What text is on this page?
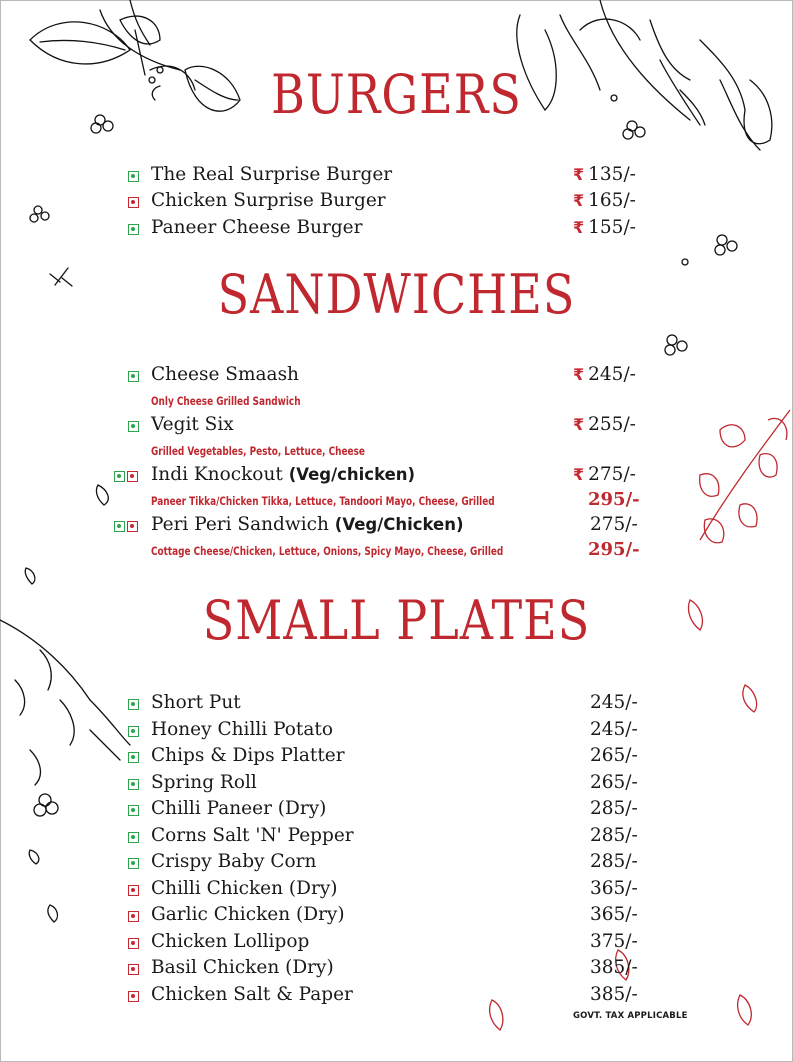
BURGERS
The Real Surprise Burger	₹ 135/-
Chicken Surprise Burger	₹ 165/-
Paneer Cheese Burger	₹ 155/-
SANDWICHES
Cheese Smaash	₹ 245/-
Only Cheese Grilled Sandwich
Vegit Six	₹ 255/-
Grilled Vegetables, Pesto, Lettuce, Cheese
Indi Knockout (Veg/chicken)	₹ 275/-
Paneer Tikka/Chicken Tikka, Lettuce, Tandoori Mayo, Cheese, Grilled	295/-
Peri Peri Sandwich (Veg/Chicken)	275/-
Cottage Cheese/Chicken, Lettuce, Onions, Spicy Mayo, Cheese, Grilled	295/-
SMALL PLATES
Short Put	245/-
Honey Chilli Potato	245/-
Chips & Dips Platter	265/-
Spring Roll	265/-
Chilli Paneer (Dry)	285/-
Corns Salt 'N' Pepper	285/-
Crispy Baby Corn	285/-
Chilli Chicken (Dry)	365/-
Garlic Chicken (Dry)	365/-
Chicken Lollipop	375/-
Basil Chicken (Dry)	385/-
Chicken Salt & Paper	385/-
GOVT. TAX APPLICABLE
